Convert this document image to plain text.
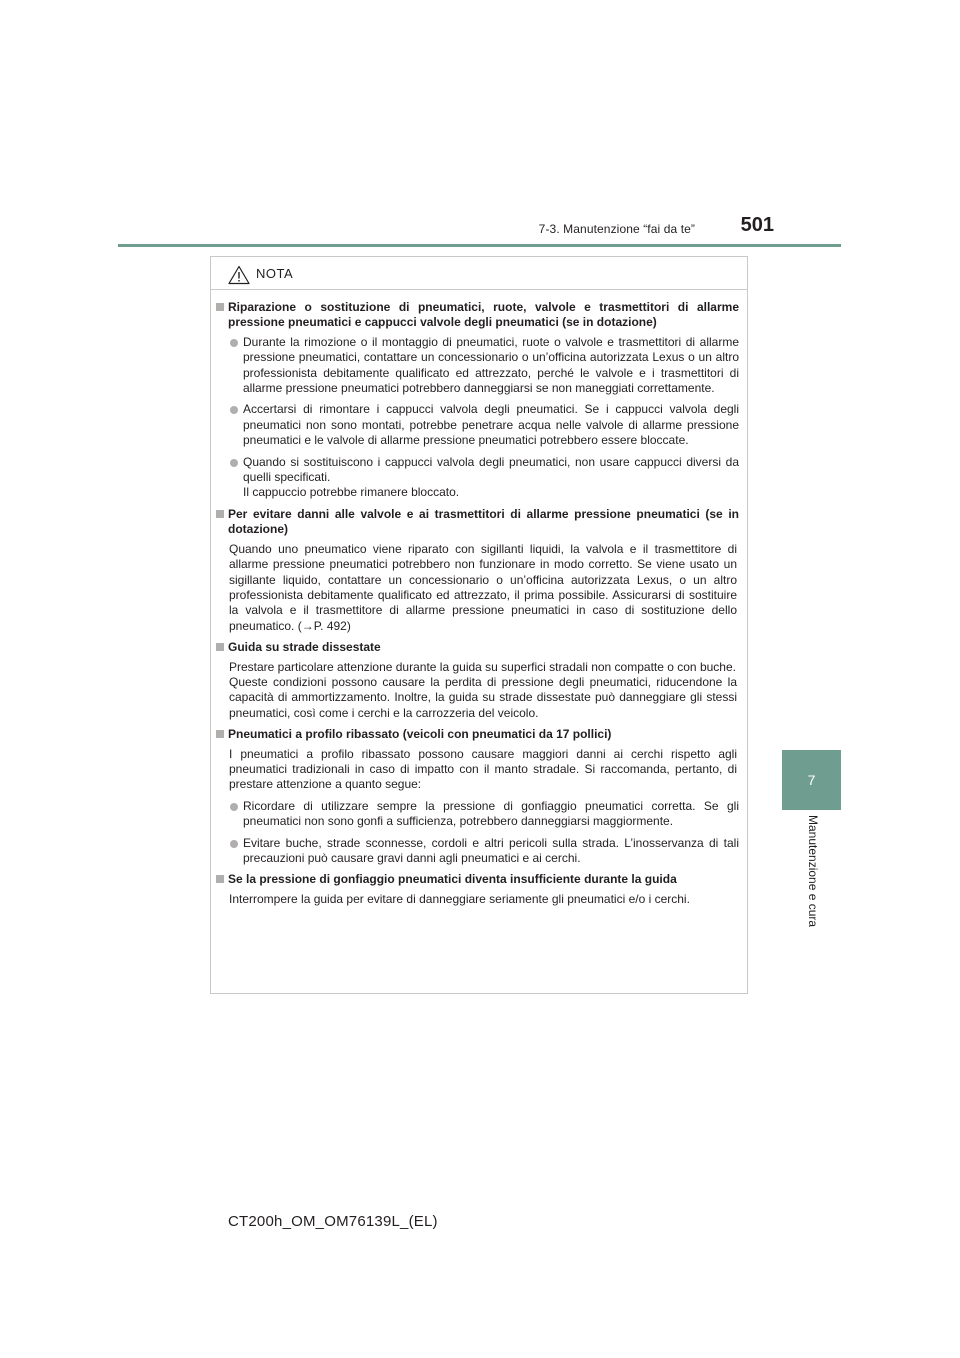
7-3. Manutenzione “fai da te” 501
7
Manutenzione e cura
NOTA
Riparazione o sostituzione di pneumatici, ruote, valvole e trasmettitori di allarme pressione pneumatici e cappucci valvole degli pneumatici (se in dotazione)
Durante la rimozione o il montaggio di pneumatici, ruote o valvole e trasmettitori di allarme pressione pneumatici, contattare un concessionario o un’officina autorizzata Lexus o un altro professionista debitamente qualificato ed attrezzato, perché le valvole e i trasmettitori di allarme pressione pneumatici potrebbero danneggiarsi se non maneggiati correttamente.
Accertarsi di rimontare i cappucci valvola degli pneumatici. Se i cappucci valvola degli pneumatici non sono montati, potrebbe penetrare acqua nelle valvole di allarme pressione pneumatici e le valvole di allarme pressione pneumatici potrebbero essere bloccate.
Quando si sostituiscono i cappucci valvola degli pneumatici, non usare cappucci diversi da quelli specificati.
Il cappuccio potrebbe rimanere bloccato.
Per evitare danni alle valvole e ai trasmettitori di allarme pressione pneumatici (se in dotazione)
Quando uno pneumatico viene riparato con sigillanti liquidi, la valvola e il trasmettitore di allarme pressione pneumatici potrebbero non funzionare in modo corretto. Se viene usato un sigillante liquido, contattare un concessionario o un’officina autorizzata Lexus, o un altro professionista debitamente qualificato ed attrezzato, il prima possibile. Assicurarsi di sostituire la valvola e il trasmettitore di allarme pressione pneumatici in caso di sostituzione dello pneumatico. (→P. 492)
Guida su strade dissestate
Prestare particolare attenzione durante la guida su superfici stradali non compatte o con buche.
Queste condizioni possono causare la perdita di pressione degli pneumatici, riducendone la capacità di ammortizzamento. Inoltre, la guida su strade dissestate può danneggiare gli stessi pneumatici, così come i cerchi e la carrozzeria del veicolo.
Pneumatici a profilo ribassato (veicoli con pneumatici da 17 pollici)
I pneumatici a profilo ribassato possono causare maggiori danni ai cerchi rispetto agli pneumatici tradizionali in caso di impatto con il manto stradale. Si raccomanda, pertanto, di prestare attenzione a quanto segue:
Ricordare di utilizzare sempre la pressione di gonfiaggio pneumatici corretta. Se gli pneumatici non sono gonfi a sufficienza, potrebbero danneggiarsi maggiormente.
Evitare buche, strade sconnesse, cordoli e altri pericoli sulla strada. L’inosservanza di tali precauzioni può causare gravi danni agli pneumatici e ai cerchi.
Se la pressione di gonfiaggio pneumatici diventa insufficiente durante la guida
Interrompere la guida per evitare di danneggiare seriamente gli pneumatici e/o i cerchi.
CT200h_OM_OM76139L_(EL)
